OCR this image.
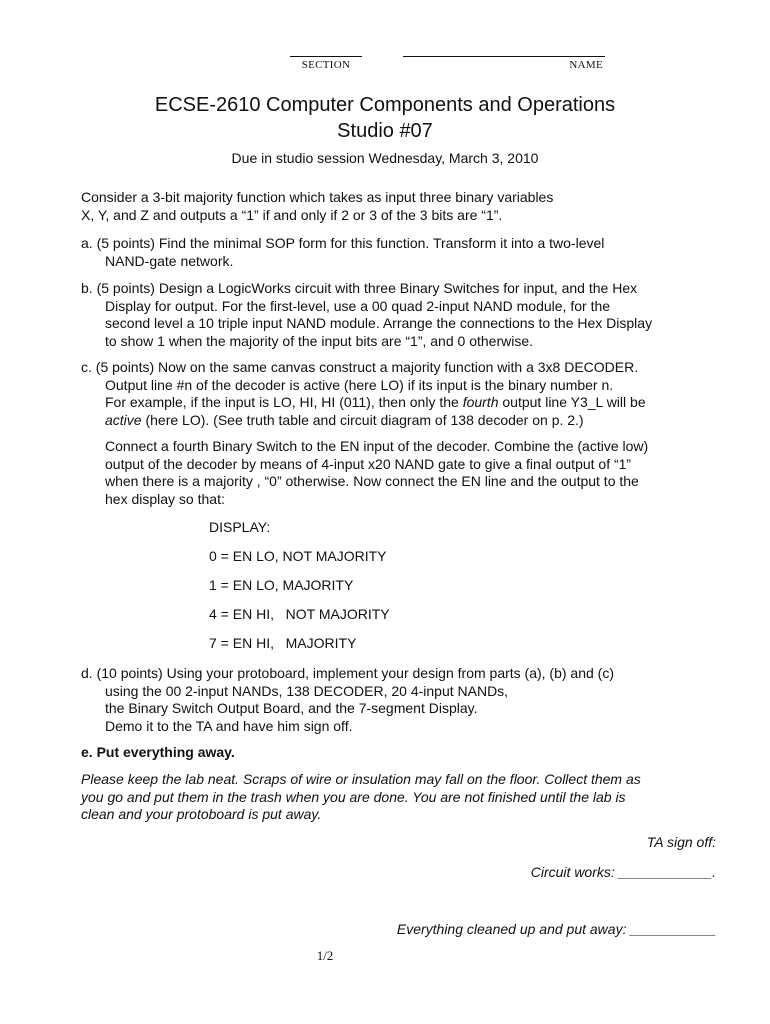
SECTION	NAME
ECSE-2610 Computer Components and Operations
Studio #07
Due in studio session Wednesday, March 3, 2010

Consider a 3-bit majority function which takes as input three binary variables
X, Y, and Z and outputs a “1” if and only if 2 or 3 of the 3 bits are “1”.

a. (5 points) Find the minimal SOP form for this function. Transform it into a two-level
NAND-gate network.

b. (5 points) Design a LogicWorks circuit with three Binary Switches for input, and the Hex
Display for output. For the first-level, use a 00 quad 2-input NAND module, for the
second level a 10 triple input NAND module. Arrange the connections to the Hex Display
to show 1 when the majority of the input bits are “1”, and 0 otherwise.

c. (5 points) Now on the same canvas construct a majority function with a 3x8 DECODER.
Output line #n of the decoder is active (here LO) if its input is the binary number n.
For example, if the input is LO, HI, HI (011), then only the fourth output line Y3_L will be
active (here LO). (See truth table and circuit diagram of 138 decoder on p. 2.)

Connect a fourth Binary Switch to the EN input of the decoder. Combine the (active low)
output of the decoder by means of 4-input x20 NAND gate to give a final output of “1”
when there is a majority , “0” otherwise. Now connect the EN line and the output to the
hex display so that:

DISPLAY:
0 = EN LO, NOT MAJORITY
1 = EN LO, MAJORITY
4 = EN HI,   NOT MAJORITY
7 = EN HI,   MAJORITY

d. (10 points) Using your protoboard, implement your design from parts (a), (b) and (c)
using the 00 2-input NANDs, 138 DECODER, 20 4-input NANDs,
the Binary Switch Output Board, and the 7-segment Display.
Demo it to the TA and have him sign off.

e. Put everything away.

Please keep the lab neat. Scraps of wire or insulation may fall on the floor. Collect them as
you go and put them in the trash when you are done. You are not finished until the lab is
clean and your protoboard is put away.

TA sign off:
Circuit works: ____________.
Everything cleaned up and put away: ___________
1/2
